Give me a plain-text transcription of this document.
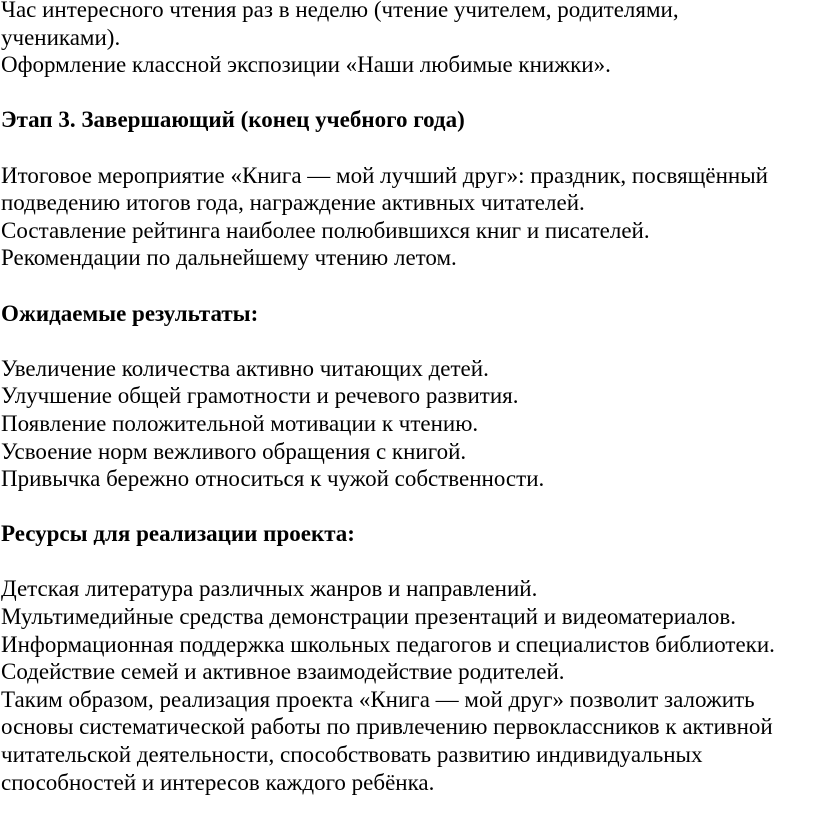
Час интересного чтения раз в неделю (чтение учителем, родителями,
учениками).
Оформление классной экспозиции «Наши любимые книжки».
Этап 3. Завершающий (конец учебного года)
Итоговое мероприятие «Книга — мой лучший друг»: праздник, посвящённый
подведению итогов года, награждение активных читателей.
Составление рейтинга наиболее полюбившихся книг и писателей.
Рекомендации по дальнейшему чтению летом.
Ожидаемые результаты:
Увеличение количества активно читающих детей.
Улучшение общей грамотности и речевого развития.
Появление положительной мотивации к чтению.
Усвоение норм вежливого обращения с книгой.
Привычка бережно относиться к чужой собственности.
Ресурсы для реализации проекта:
Детская литература различных жанров и направлений.
Мультимедийные средства демонстрации презентаций и видеоматериалов.
Информационная поддержка школьных педагогов и специалистов библиотеки.
Содействие семей и активное взаимодействие родителей.
Таким образом, реализация проекта «Книга — мой друг» позволит заложить
основы систематической работы по привлечению первоклассников к активной
читательской деятельности, способствовать развитию индивидуальных
способностей и интересов каждого ребёнка.
